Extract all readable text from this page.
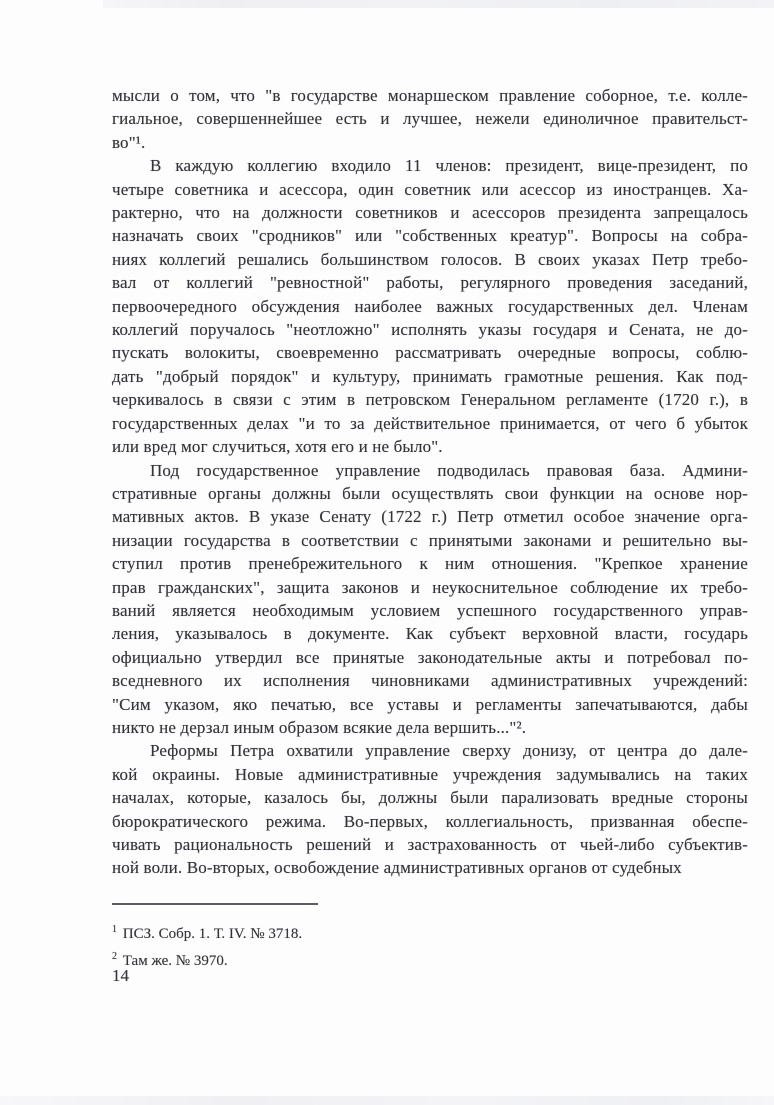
мысли о том, что "в государстве монаршеском правление соборное, т.е. колле-
гиальное, совершеннейшее есть и лучшее, нежели единоличное правительст-
во"¹.
В каждую коллегию входило 11 членов: президент, вице-президент, по
четыре советника и асессора, один советник или асессор из иностранцев. Ха-
рактерно, что на должности советников и асессоров президента запрещалось
назначать своих "сродников" или "собственных креатур". Вопросы на собра-
ниях коллегий решались большинством голосов. В своих указах Петр требо-
вал от коллегий "ревностной" работы, регулярного проведения заседаний,
первоочередного обсуждения наиболее важных государственных дел. Членам
коллегий поручалось "неотложно" исполнять указы государя и Сената, не до-
пускать волокиты, своевременно рассматривать очередные вопросы, соблю-
дать "добрый порядок" и культуру, принимать грамотные решения. Как под-
черкивалось в связи с этим в петровском Генеральном регламенте (1720 г.), в
государственных делах "и то за действительное принимается, от чего б убыток
или вред мог случиться, хотя его и не было".
Под государственное управление подводилась правовая база. Админи-
стративные органы должны были осуществлять свои функции на основе нор-
мативных актов. В указе Сенату (1722 г.) Петр отметил особое значение орга-
низации государства в соответствии с принятыми законами и решительно вы-
ступил против пренебрежительного к ним отношения. "Крепкое хранение
прав гражданских", защита законов и неукоснительное соблюдение их требо-
ваний является необходимым условием успешного государственного управ-
ления, указывалось в документе. Как субъект верховной власти, государь
официально утвердил все принятые законодательные акты и потребовал по-
вседневного их исполнения чиновниками административных учреждений:
"Сим указом, яко печатью, все уставы и регламенты запечатываются, дабы
никто не дерзал иным образом всякие дела вершить..."².
Реформы Петра охватили управление сверху донизу, от центра до дале-
кой окраины. Новые административные учреждения задумывались на таких
началах, которые, казалось бы, должны были парализовать вредные стороны
бюрократического режима. Во-первых, коллегиальность, призванная обеспе-
чивать рациональность решений и застрахованность от чьей-либо субъектив-
ной воли. Во-вторых, освобождение административных органов от судебных
$^1$ ПСЗ. Собр. 1. Т. IV. № 3718.
$^2$ Там же. № 3970.
14
